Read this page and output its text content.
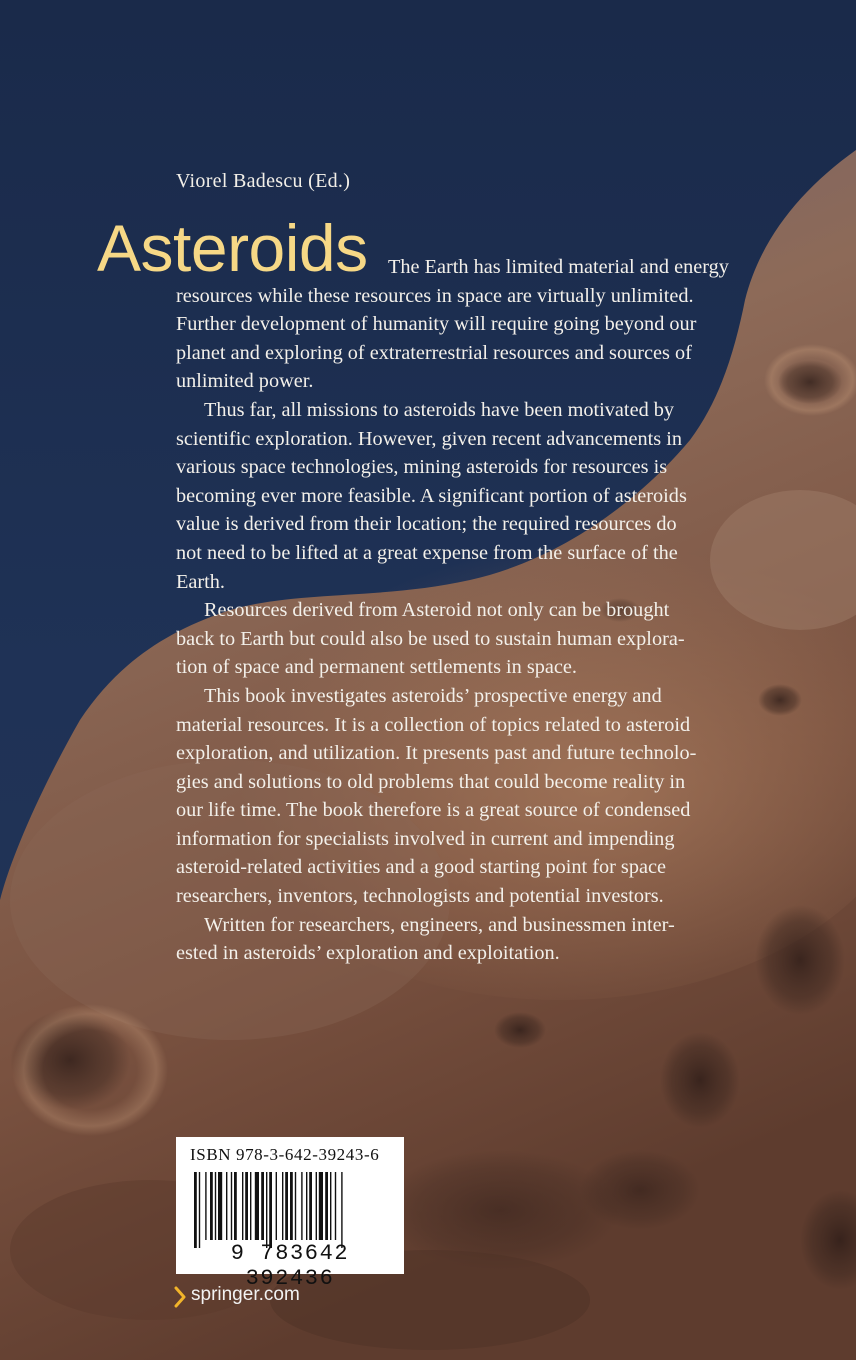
Viorel Badescu (Ed.)
Asteroids	The Earth has limited material and energy
resources while these resources in space are virtually unlimited.
Further development of humanity will require going beyond our
planet and exploring of extraterrestrial resources and sources of
unlimited power.

Thus far, all missions to asteroids have been motivated by
scientific exploration. However, given recent advancements in
various space technologies, mining asteroids for resources is
becoming ever more feasible. A significant portion of asteroids
value is derived from their location; the required resources do
not need to be lifted at a great expense from the surface of the
Earth.

Resources derived from Asteroid not only can be brought
back to Earth but could also be used to sustain human explora-
tion of space and permanent settlements in space.

This book investigates asteroids’ prospective energy and
material resources. It is a collection of topics related to asteroid
exploration, and utilization. It presents past and future technolo-
gies and solutions to old problems that could become reality in
our life time. The book therefore is a great source of condensed
information for specialists involved in current and impending
asteroid-related activities and a good starting point for space
researchers, inventors, technologists and potential investors.

Written for researchers, engineers, and businessmen inter-
ested in asteroids’ exploration and exploitation.

ISBN 978-3-642-39243-6

9 783642 392436

springer.com
